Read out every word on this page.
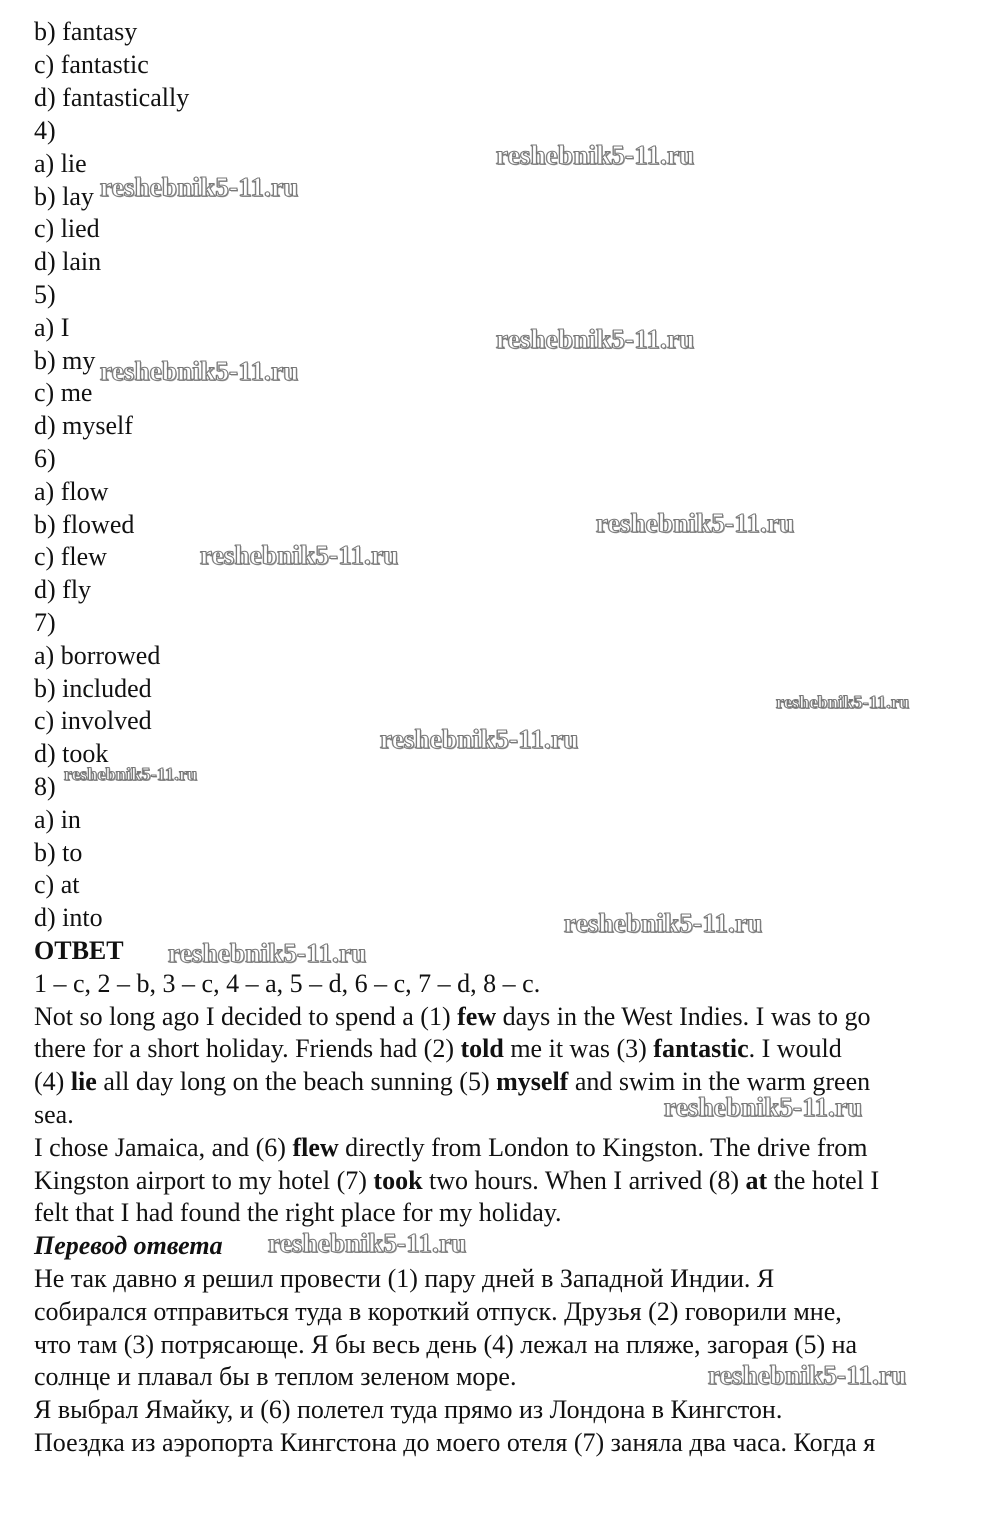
b) fantasy

c) fantastic

d) fantastically

4)

a) lie

b) lay

c) lied

d) lain

5)

a) I

b) my

c) me

d) myself

6)

a) flow

b) flowed

c) flew

d) fly

7)

a) borrowed

b) included

c) involved

d) took

8)

a) in

b) to

c) at

d) into

ОТВЕТ

1 – c, 2 – b, 3 – c, 4 – a, 5 – d, 6 – c, 7 – d, 8 – c.

Not so long ago I decided to spend a (1) few days in the West Indies. I was to go

there for a short holiday. Friends had (2) told me it was (3) fantastic. I would

(4) lie all day long on the beach sunning (5) myself and swim in the warm green

sea.

I chose Jamaica, and (6) flew directly from London to Kingston. The drive from

Kingston airport to my hotel (7) took two hours. When I arrived (8) at the hotel I

felt that I had found the right place for my holiday.

Перевод ответа

Не так давно я решил провести (1) пару дней в Западной Индии. Я

собирался отправиться туда в короткий отпуск. Друзья (2) говорили мне,

что там (3) потрясающе. Я бы весь день (4) лежал на пляже, загорая (5) на

солнце и плавал бы в теплом зеленом море.

Я выбрал Ямайку, и (6) полетел туда прямо из Лондона в Кингстон.

Поездка из аэропорта Кингстона до моего отеля (7) заняла два часа. Когда я

reshebnik5-11.ru
reshebnik5-11.ru
reshebnik5-11.ru
reshebnik5-11.ru
reshebnik5-11.ru
reshebnik5-11.ru
reshebnik5-11.ru
reshebnik5-11.ru
reshebnik5-11.ru
reshebnik5-11.ru
reshebnik5-11.ru
reshebnik5-11.ru
reshebnik5-11.ru
reshebnik5-11.ru
